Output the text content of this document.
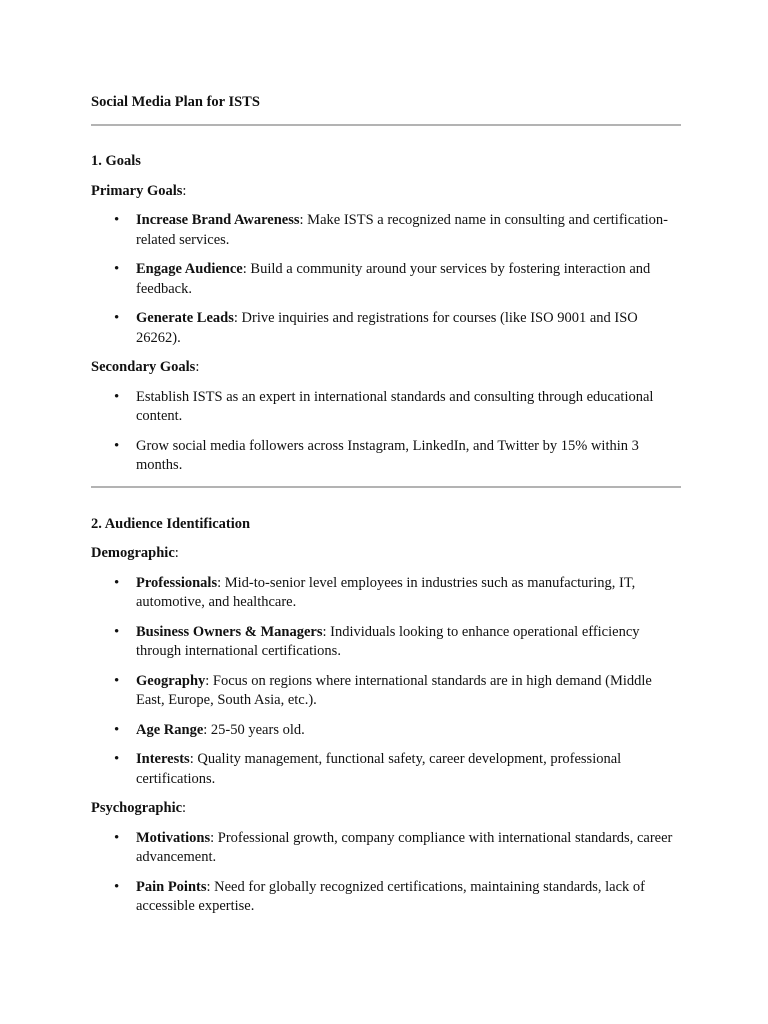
Social Media Plan for ISTS

1. Goals

Primary Goals:

• Increase Brand Awareness: Make ISTS a recognized name in consulting and certification-related services.
• Engage Audience: Build a community around your services by fostering interaction and feedback.
• Generate Leads: Drive inquiries and registrations for courses (like ISO 9001 and ISO 26262).

Secondary Goals:

• Establish ISTS as an expert in international standards and consulting through educational content.
• Grow social media followers across Instagram, LinkedIn, and Twitter by 15% within 3 months.

2. Audience Identification

Demographic:

• Professionals: Mid-to-senior level employees in industries such as manufacturing, IT, automotive, and healthcare.
• Business Owners & Managers: Individuals looking to enhance operational efficiency through international certifications.
• Geography: Focus on regions where international standards are in high demand (Middle East, Europe, South Asia, etc.).
• Age Range: 25-50 years old.
• Interests: Quality management, functional safety, career development, professional certifications.

Psychographic:

• Motivations: Professional growth, company compliance with international standards, career advancement.
• Pain Points: Need for globally recognized certifications, maintaining standards, lack of accessible expertise.
